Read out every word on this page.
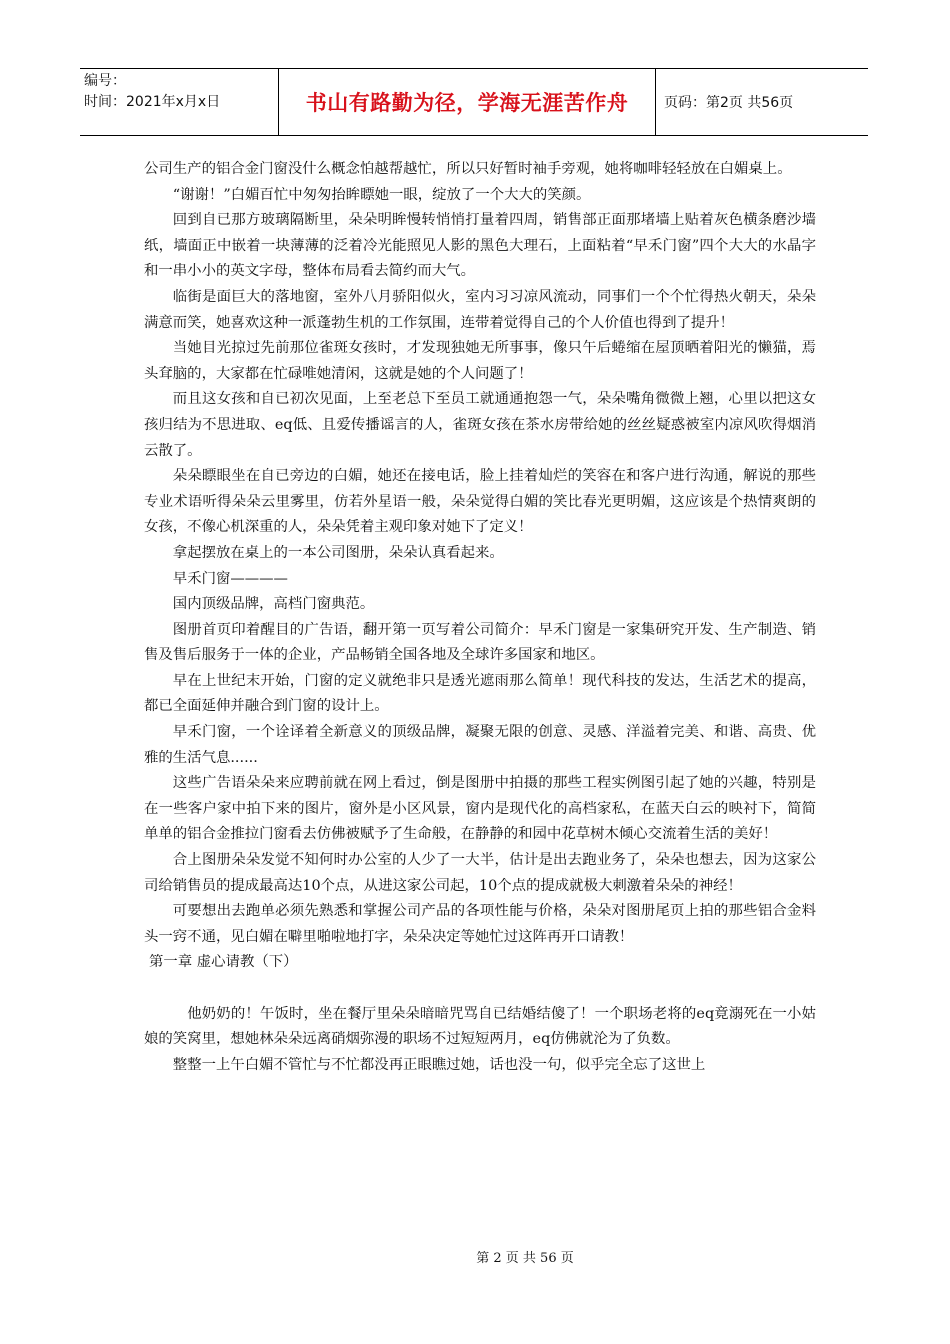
编号：
时间：2021年x月x日	书山有路勤为径，学海无涯苦作舟	页码：第2页 共56页

公司生产的铝合金门窗没什么概念怕越帮越忙，所以只好暂时袖手旁观，她将咖啡轻轻放在白媚桌上。

“谢谢！”白媚百忙中匆匆抬眸瞟她一眼，绽放了一个大大的笑颜。

回到自已那方玻璃隔断里，朵朵明眸慢转悄悄打量着四周，销售部正面那堵墙上贴着灰色横条磨沙墙纸，墙面正中嵌着一块薄薄的泛着冷光能照见人影的黑色大理石，上面粘着“早禾门窗”四个大大的水晶字和一串小小的英文字母，整体布局看去简约而大气。

临街是面巨大的落地窗，室外八月骄阳似火，室内习习凉风流动，同事们一个个忙得热火朝天，朵朵满意而笑，她喜欢这种一派蓬勃生机的工作氛围，连带着觉得自己的个人价值也得到了提升！

当她目光掠过先前那位雀斑女孩时，才发现独她无所事事，像只午后蜷缩在屋顶晒着阳光的懒猫，焉头耷脑的，大家都在忙碌唯她清闲，这就是她的个人问题了！

而且这女孩和自已初次见面，上至老总下至员工就通通抱怨一气，朵朵嘴角微微上翘，心里以把这女孩归结为不思进取、eq低、且爱传播谣言的人，雀斑女孩在茶水房带给她的丝丝疑惑被室内凉风吹得烟消云散了。

朵朵瞟眼坐在自已旁边的白媚，她还在接电话，脸上挂着灿烂的笑容在和客户进行沟通，解说的那些专业术语听得朵朵云里雾里，仿若外星语一般，朵朵觉得白媚的笑比春光更明媚，这应该是个热情爽朗的女孩，不像心机深重的人，朵朵凭着主观印象对她下了定义！

拿起摆放在桌上的一本公司图册，朵朵认真看起来。

早禾门窗————

国内顶级品牌，高档门窗典范。

图册首页印着醒目的广告语，翻开第一页写着公司简介：早禾门窗是一家集研究开发、生产制造、销售及售后服务于一体的企业，产品畅销全国各地及全球许多国家和地区。

早在上世纪末开始，门窗的定义就绝非只是透光遮雨那么简单！现代科技的发达，生活艺术的提高，都已全面延伸并融合到门窗的设计上。

早禾门窗，一个诠译着全新意义的顶级品牌，凝聚无限的创意、灵感、洋溢着完美、和谐、高贵、优雅的生活气息......

这些广告语朵朵来应聘前就在网上看过，倒是图册中拍摄的那些工程实例图引起了她的兴趣，特别是在一些客户家中拍下来的图片，窗外是小区风景，窗内是现代化的高档家私，在蓝天白云的映衬下，简简单单的铝合金推拉门窗看去仿佛被赋予了生命般，在静静的和园中花草树木倾心交流着生活的美好！

合上图册朵朵发觉不知何时办公室的人少了一大半，估计是出去跑业务了，朵朵也想去，因为这家公司给销售员的提成最高达10个点，从进这家公司起，10个点的提成就极大刺激着朵朵的神经！

可要想出去跑单必须先熟悉和掌握公司产品的各项性能与价格，朵朵对图册尾页上拍的那些铝合金料头一窍不通，见白媚在噼里啪啦地打字，朵朵决定等她忙过这阵再开口请教！

第一章 虚心请教（下）

他奶奶的！午饭时，坐在餐厅里朵朵暗暗咒骂自已结婚结傻了！一个职场老将的eq竟溺死在一小姑娘的笑窝里，想她林朵朵远离硝烟弥漫的职场不过短短两月，eq仿佛就沦为了负数。

整整一上午白媚不管忙与不忙都没再正眼瞧过她，话也没一句，似乎完全忘了这世上

第 2 页 共 56 页
